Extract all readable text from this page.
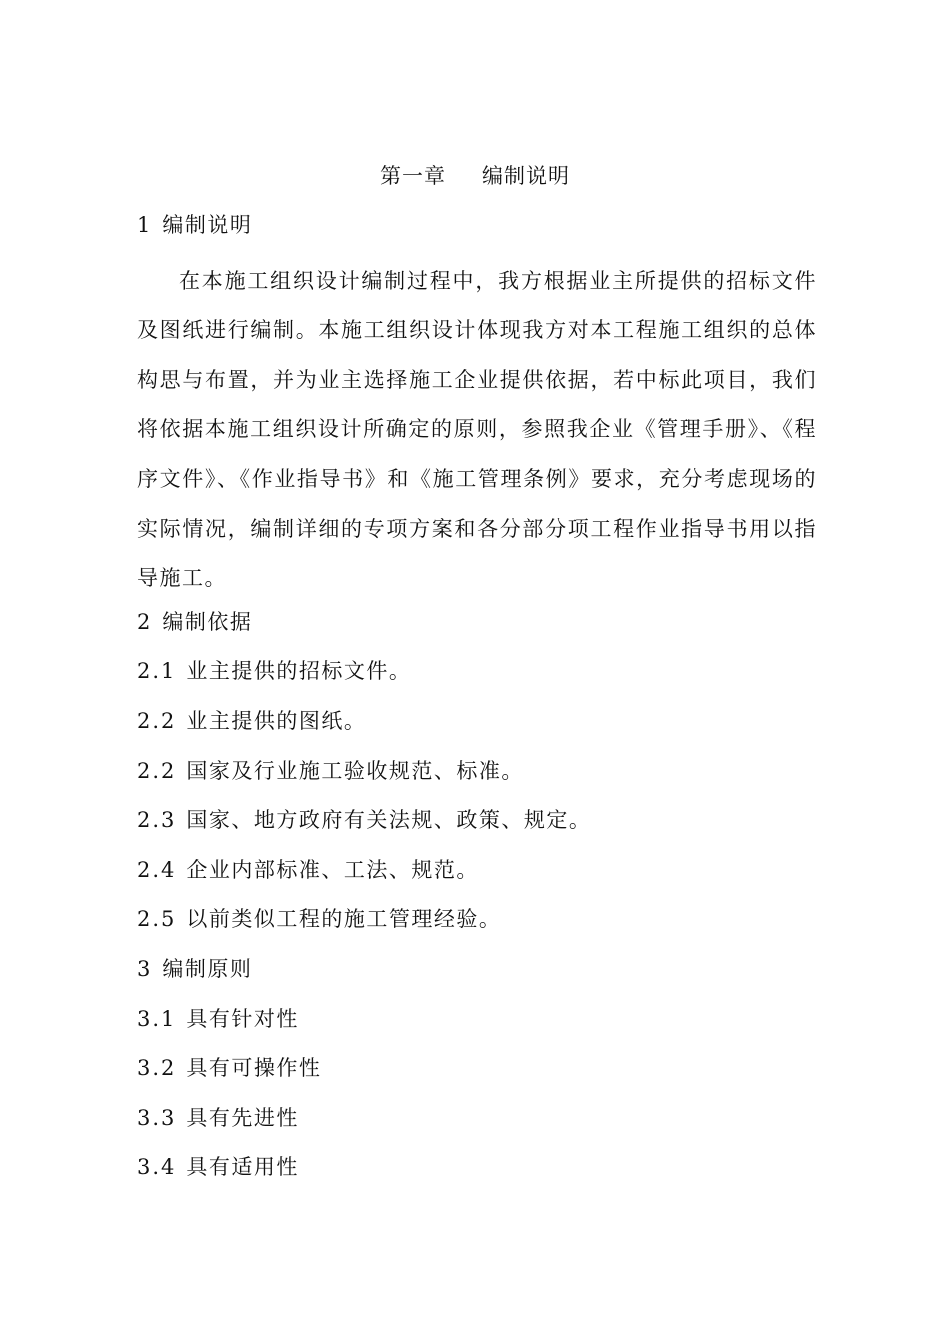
第一章 编制说明
1 编制说明

在本施工组织设计编制过程中，我方根据业主所提供的招标文件及图纸进行编制。本施工组织设计体现我方对本工程施工组织的总体构思与布置，并为业主选择施工企业提供依据，若中标此项目，我们将依据本施工组织设计所确定的原则，参照我企业《管理手册》、《程序文件》、《作业指导书》和《施工管理条例》要求，充分考虑现场的实际情况，编制详细的专项方案和各分部分项工程作业指导书用以指导施工。

2 编制依据
2.1 业主提供的招标文件。
2.2 业主提供的图纸。
2.2 国家及行业施工验收规范、标准。
2.3 国家、地方政府有关法规、政策、规定。
2.4 企业内部标准、工法、规范。
2.5 以前类似工程的施工管理经验。
3 编制原则
3.1 具有针对性
3.2 具有可操作性
3.3 具有先进性
3.4 具有适用性
